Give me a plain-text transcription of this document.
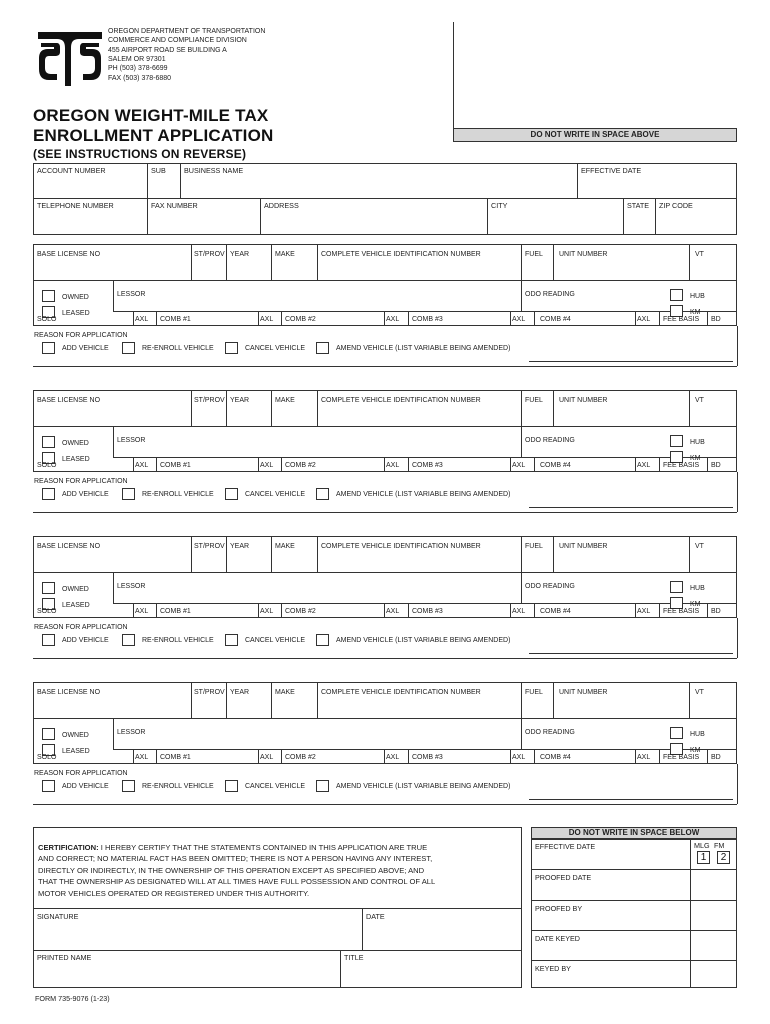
OREGON DEPARTMENT OF TRANSPORTATION
COMMERCE AND COMPLIANCE DIVISION
455 AIRPORT ROAD SE BUILDING A
SALEM OR 97301
PH (503) 378-6699
FAX (503) 378-6880
OREGON WEIGHT-MILE TAX
ENROLLMENT APPLICATION
(SEE INSTRUCTIONS ON REVERSE)
DO NOT WRITE IN SPACE ABOVE
ACCOUNT NUMBER	SUB	BUSINESS NAME	EFFECTIVE DATE
TELEPHONE NUMBER	FAX NUMBER	ADDRESS	CITY	STATE ZIP CODE
BASE LICENSE NO	ST/PROV YEAR	MAKE	COMPLETE VEHICLE IDENTIFICATION NUMBER	FUEL UNIT NUMBER	VT
OWNED
LEASED
LESSOR	ODO READING	HUB
KM
SOLO	AXL COMB #1	AXL COMB #2	AXL COMB #3	AXL COMB #4	AXL FEE BASIS BD
REASON FOR APPLICATION
ADD VEHICLE	RE-ENROLL VEHICLE	CANCEL VEHICLE	AMEND VEHICLE (LIST VARIABLE BEING AMENDED)
BASE LICENSE NO	ST/PROV YEAR	MAKE	COMPLETE VEHICLE IDENTIFICATION NUMBER	FUEL UNIT NUMBER	VT
OWNED
LEASED
LESSOR	ODO READING	HUB
KM
SOLO	AXL COMB #1	AXL COMB #2	AXL COMB #3	AXL COMB #4	AXL FEE BASIS BD
REASON FOR APPLICATION
ADD VEHICLE	RE-ENROLL VEHICLE	CANCEL VEHICLE	AMEND VEHICLE (LIST VARIABLE BEING AMENDED)
BASE LICENSE NO	ST/PROV YEAR	MAKE	COMPLETE VEHICLE IDENTIFICATION NUMBER	FUEL UNIT NUMBER	VT
OWNED
LEASED
LESSOR	ODO READING	HUB
KM
SOLO	AXL COMB #1	AXL COMB #2	AXL COMB #3	AXL COMB #4	AXL FEE BASIS BD
REASON FOR APPLICATION
ADD VEHICLE	RE-ENROLL VEHICLE	CANCEL VEHICLE	AMEND VEHICLE (LIST VARIABLE BEING AMENDED)
BASE LICENSE NO	ST/PROV YEAR	MAKE	COMPLETE VEHICLE IDENTIFICATION NUMBER	FUEL UNIT NUMBER	VT
OWNED
LEASED
LESSOR	ODO READING	HUB
KM
SOLO	AXL COMB #1	AXL COMB #2	AXL COMB #3	AXL COMB #4	AXL FEE BASIS BD
REASON FOR APPLICATION
ADD VEHICLE	RE-ENROLL VEHICLE	CANCEL VEHICLE	AMEND VEHICLE (LIST VARIABLE BEING AMENDED)
CERTIFICATION: I HEREBY CERTIFY THAT THE STATEMENTS CONTAINED IN THIS APPLICATION ARE TRUE
AND CORRECT; NO MATERIAL FACT HAS BEEN OMITTED; THERE IS NOT A PERSON HAVING ANY INTEREST,
DIRECTLY OR INDIRECTLY, IN THE OWNERSHIP OF THIS OPERATION EXCEPT AS SPECIFIED ABOVE; AND
THAT THE OWNERSHIP AS DESIGNATED WILL AT ALL TIMES HAVE FULL POSSESSION AND CONTROL OF ALL
MOTOR VEHICLES OPERATED OR REGISTERED UNDER THIS AUTHORITY.
SIGNATURE	DATE
PRINTED NAME	TITLE
DO NOT WRITE IN SPACE BELOW
EFFECTIVE DATE	MLG FM
1	2
PROOFED DATE
PROOFED BY
DATE KEYED
KEYED BY
FORM 735-9076 (1-23)
